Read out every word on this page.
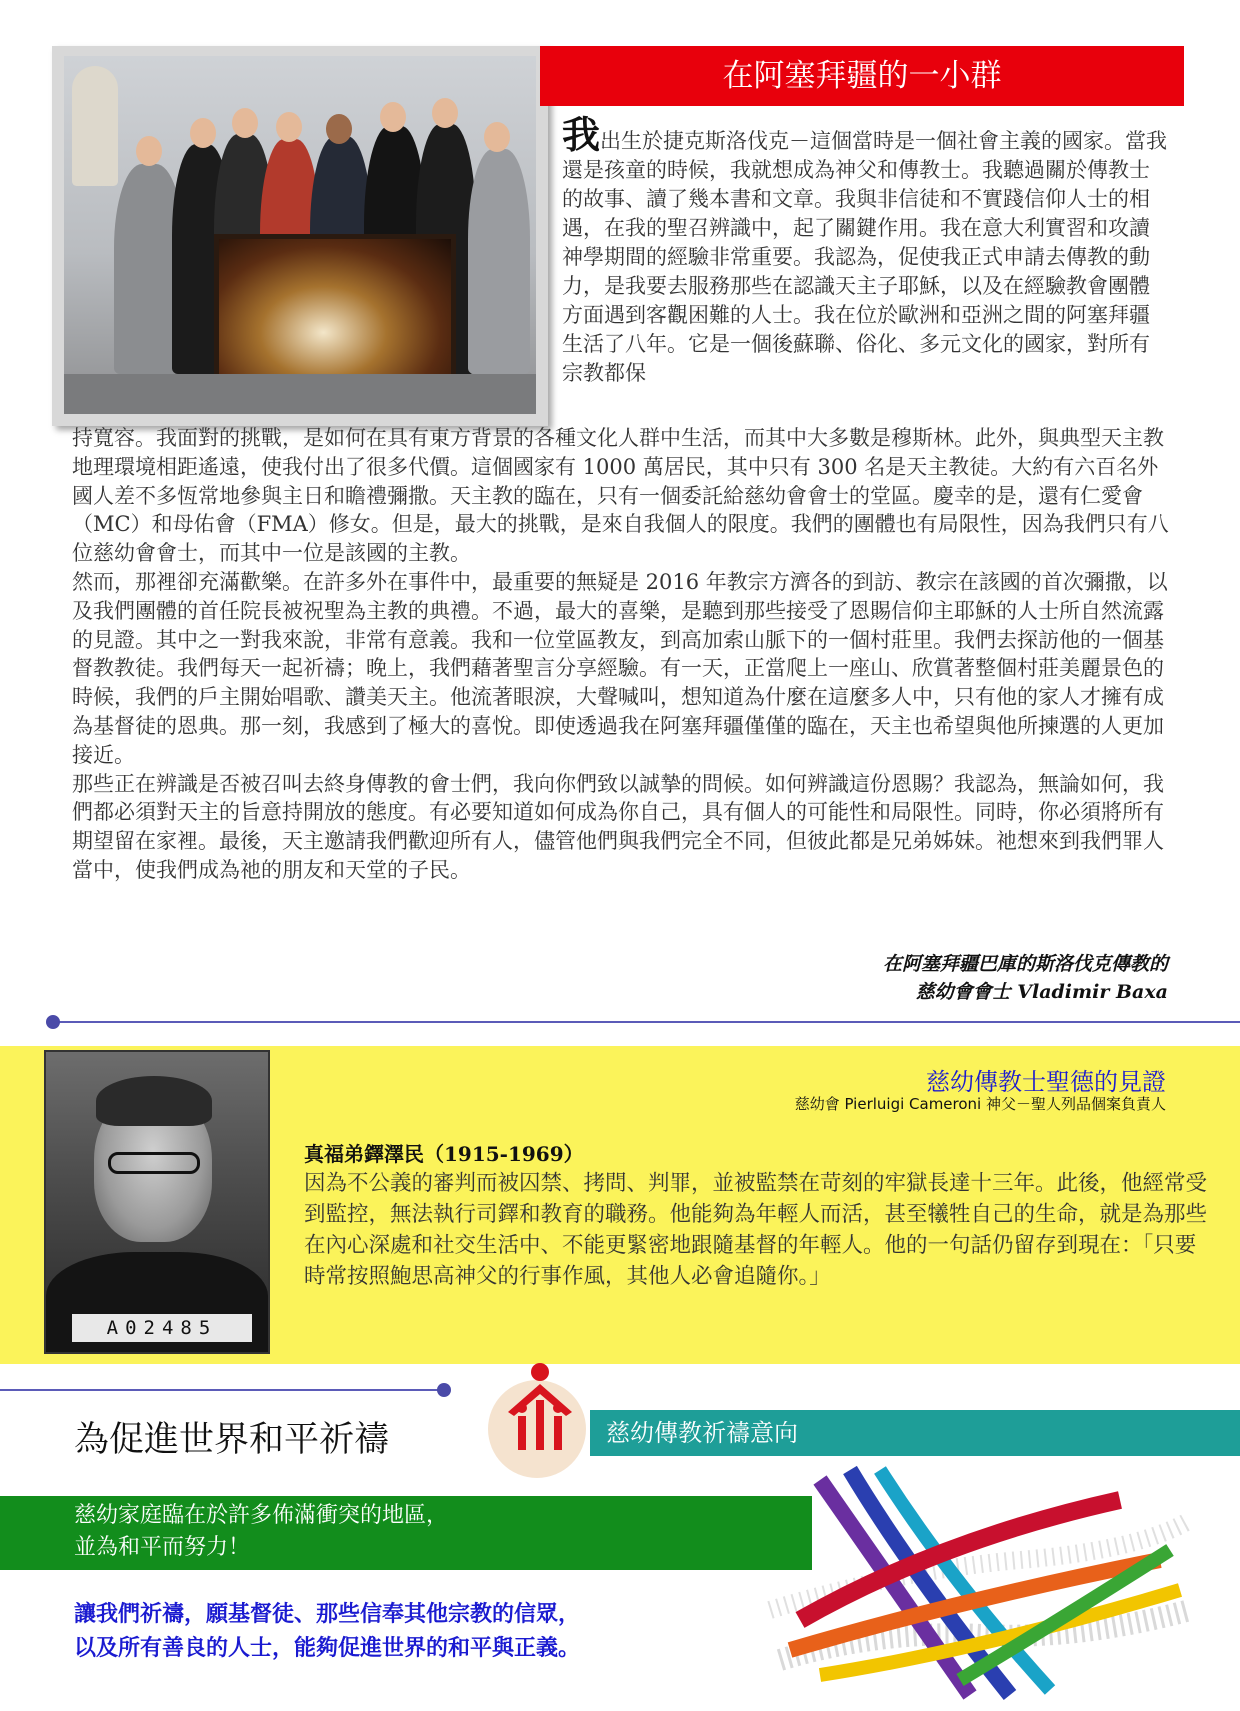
在阿塞拜疆的一小群
我出生於捷克斯洛伐克－這個當時是一個社會主義的國家。當我還是孩童的時候，我就想成為神父和傳教士。我聽過關於傳教士的故事、讀了幾本書和文章。我與非信徒和不實踐信仰人士的相遇，在我的聖召辨識中，起了關鍵作用。我在意大利實習和攻讀神學期間的經驗非常重要。我認為，促使我正式申請去傳教的動力，是我要去服務那些在認識天主子耶穌，以及在經驗教會團體方面遇到客觀困難的人士。我在位於歐洲和亞洲之間的阿塞拜疆生活了八年。它是一個後蘇聯、俗化、多元文化的國家，對所有宗教都保

持寬容。我面對的挑戰，是如何在具有東方背景的各種文化人群中生活，而其中大多數是穆斯林。此外，與典型天主教地理環境相距遙遠，使我付出了很多代價。這個國家有 1000 萬居民，其中只有 300 名是天主教徒。大約有六百名外國人差不多恆常地參與主日和瞻禮彌撒。天主教的臨在，只有一個委託給慈幼會會士的堂區。慶幸的是，還有仁愛會（MC）和母佑會（FMA）修女。但是，最大的挑戰，是來自我個人的限度。我們的團體也有局限性，因為我們只有八位慈幼會會士，而其中一位是該國的主教。

然而，那裡卻充滿歡樂。在許多外在事件中，最重要的無疑是 2016 年教宗方濟各的到訪、教宗在該國的首次彌撒，以及我們團體的首任院長被祝聖為主教的典禮。不過，最大的喜樂，是聽到那些接受了恩賜信仰主耶穌的人士所自然流露的見證。其中之一對我來說，非常有意義。我和一位堂區教友，到高加索山脈下的一個村莊里。我們去探訪他的一個基督教教徒。我們每天一起祈禱；晚上，我們藉著聖言分享經驗。有一天，正當爬上一座山、欣賞著整個村莊美麗景色的時候，我們的戶主開始唱歌、讚美天主。他流著眼淚，大聲喊叫，想知道為什麼在這麼多人中，只有他的家人才擁有成為基督徒的恩典。那一刻，我感到了極大的喜悅。即使透過我在阿塞拜疆僅僅的臨在，天主也希望與他所揀選的人更加接近。

那些正在辨識是否被召叫去終身傳教的會士們，我向你們致以誠摯的問候。如何辨識這份恩賜？我認為，無論如何，我們都必須對天主的旨意持開放的態度。有必要知道如何成為你自己，具有個人的可能性和局限性。同時，你必須將所有期望留在家裡。最後，天主邀請我們歡迎所有人，儘管他們與我們完全不同，但彼此都是兄弟姊妹。祂想來到我們罪人當中，使我們成為祂的朋友和天堂的子民。

在阿塞拜疆巴庫的斯洛伐克傳教的
慈幼會會士 Vladimir Baxa
A02485
慈幼傳教士聖德的見證
慈幼會 Pierluigi Cameroni 神父－聖人列品個案負責人
真福弟鐸澤民（1915-1969）
因為不公義的審判而被囚禁、拷問、判罪，並被監禁在苛刻的牢獄長達十三年。此後，他經常受到監控，無法執行司鐸和教育的職務。他能夠為年輕人而活，甚至犧牲自己的生命，就是為那些在內心深處和社交生活中、不能更緊密地跟隨基督的年輕人。他的一句話仍留存到現在：「只要時常按照鮑思高神父的行事作風，其他人必會追隨你。」
為促進世界和平祈禱	慈幼傳教祈禱意向
慈幼家庭臨在於許多佈滿衝突的地區，
並為和平而努力！
讓我們祈禱，願基督徒、那些信奉其他宗教的信眾，
以及所有善良的人士，能夠促進世界的和平與正義。
